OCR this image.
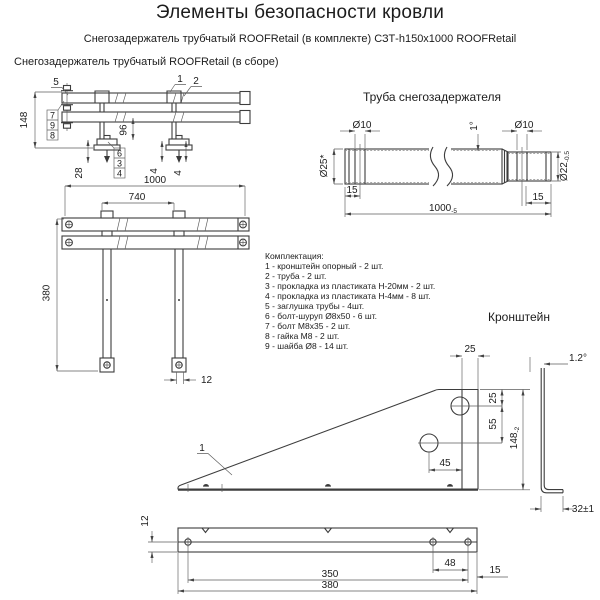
5	1 2
7
9
8
6
3
4
148
96
28	4 4
1000
740
380
12
Ø10	Ø10
1°
Ø25*	$Ø22_{-0.5}$
15
15
$1000_{-5}$
1
25
25
55
$148_{-2}$
45
1.2°
32±1
12
48
350	15
380
Элементы безопасности кровли
Снегозадержатель трубчатый ROOFRetail (в комплекте) СЗТ-h150x1000 ROOFRetail
Снегозадержатель трубчатый ROOFRetail (в сборе)
Труба снегозадержателя
Кронштейн
Комплектация:
1 - кронштейн опорный - 2 шт.
2 - труба - 2 шт.
3 - прокладка из пластиката Н-20мм - 2 шт.
4 - прокладка из пластиката Н-4мм - 8 шт.
5 - заглушка трубы - 4шт.
6 - болт-шуруп Ø8х50 - 6 шт.
7 - болт М8х35 - 2 шт.
8 - гайка М8 - 2 шт.
9 - шайба Ø8 - 14 шт.
